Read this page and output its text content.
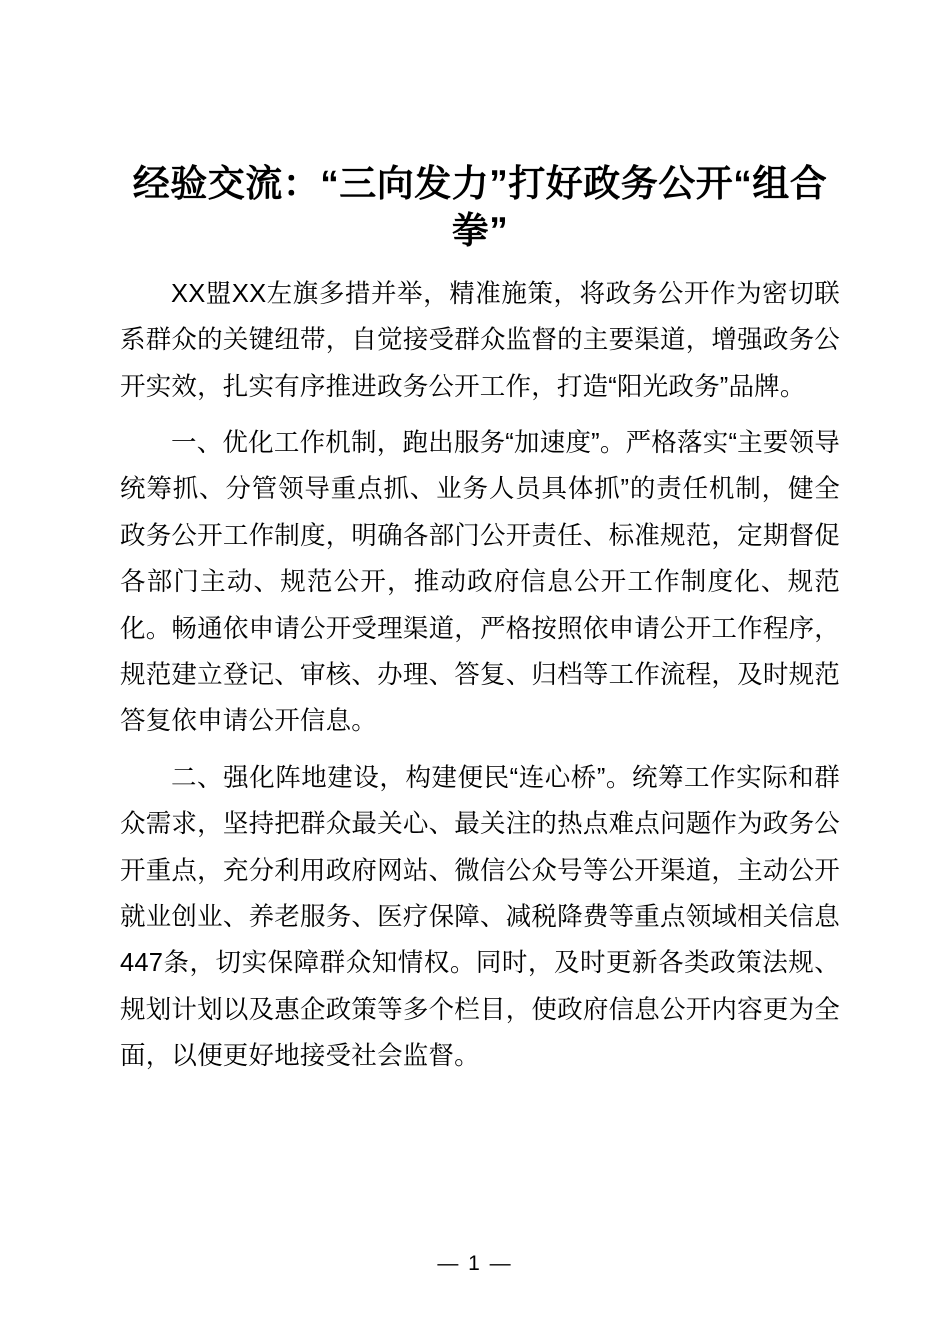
经验交流：“三向发力”打好政务公开“组合拳”

XX盟XX左旗多措并举，精准施策，将政务公开作为密切联系群众的关键纽带，自觉接受群众监督的主要渠道，增强政务公开实效，扎实有序推进政务公开工作，打造“阳光政务”品牌。

一、优化工作机制，跑出服务“加速度”。严格落实“主要领导统筹抓、分管领导重点抓、业务人员具体抓”的责任机制，健全政务公开工作制度，明确各部门公开责任、标准规范，定期督促各部门主动、规范公开，推动政府信息公开工作制度化、规范化。畅通依申请公开受理渠道，严格按照依申请公开工作程序，规范建立登记、审核、办理、答复、归档等工作流程，及时规范答复依申请公开信息。

二、强化阵地建设，构建便民“连心桥”。统筹工作实际和群众需求，坚持把群众最关心、最关注的热点难点问题作为政务公开重点，充分利用政府网站、微信公众号等公开渠道，主动公开就业创业、养老服务、医疗保障、减税降费等重点领域相关信息447条，切实保障群众知情权。同时，及时更新各类政策法规、规划计划以及惠企政策等多个栏目，使政府信息公开内容更为全面，以便更好地接受社会监督。

— 1 —
